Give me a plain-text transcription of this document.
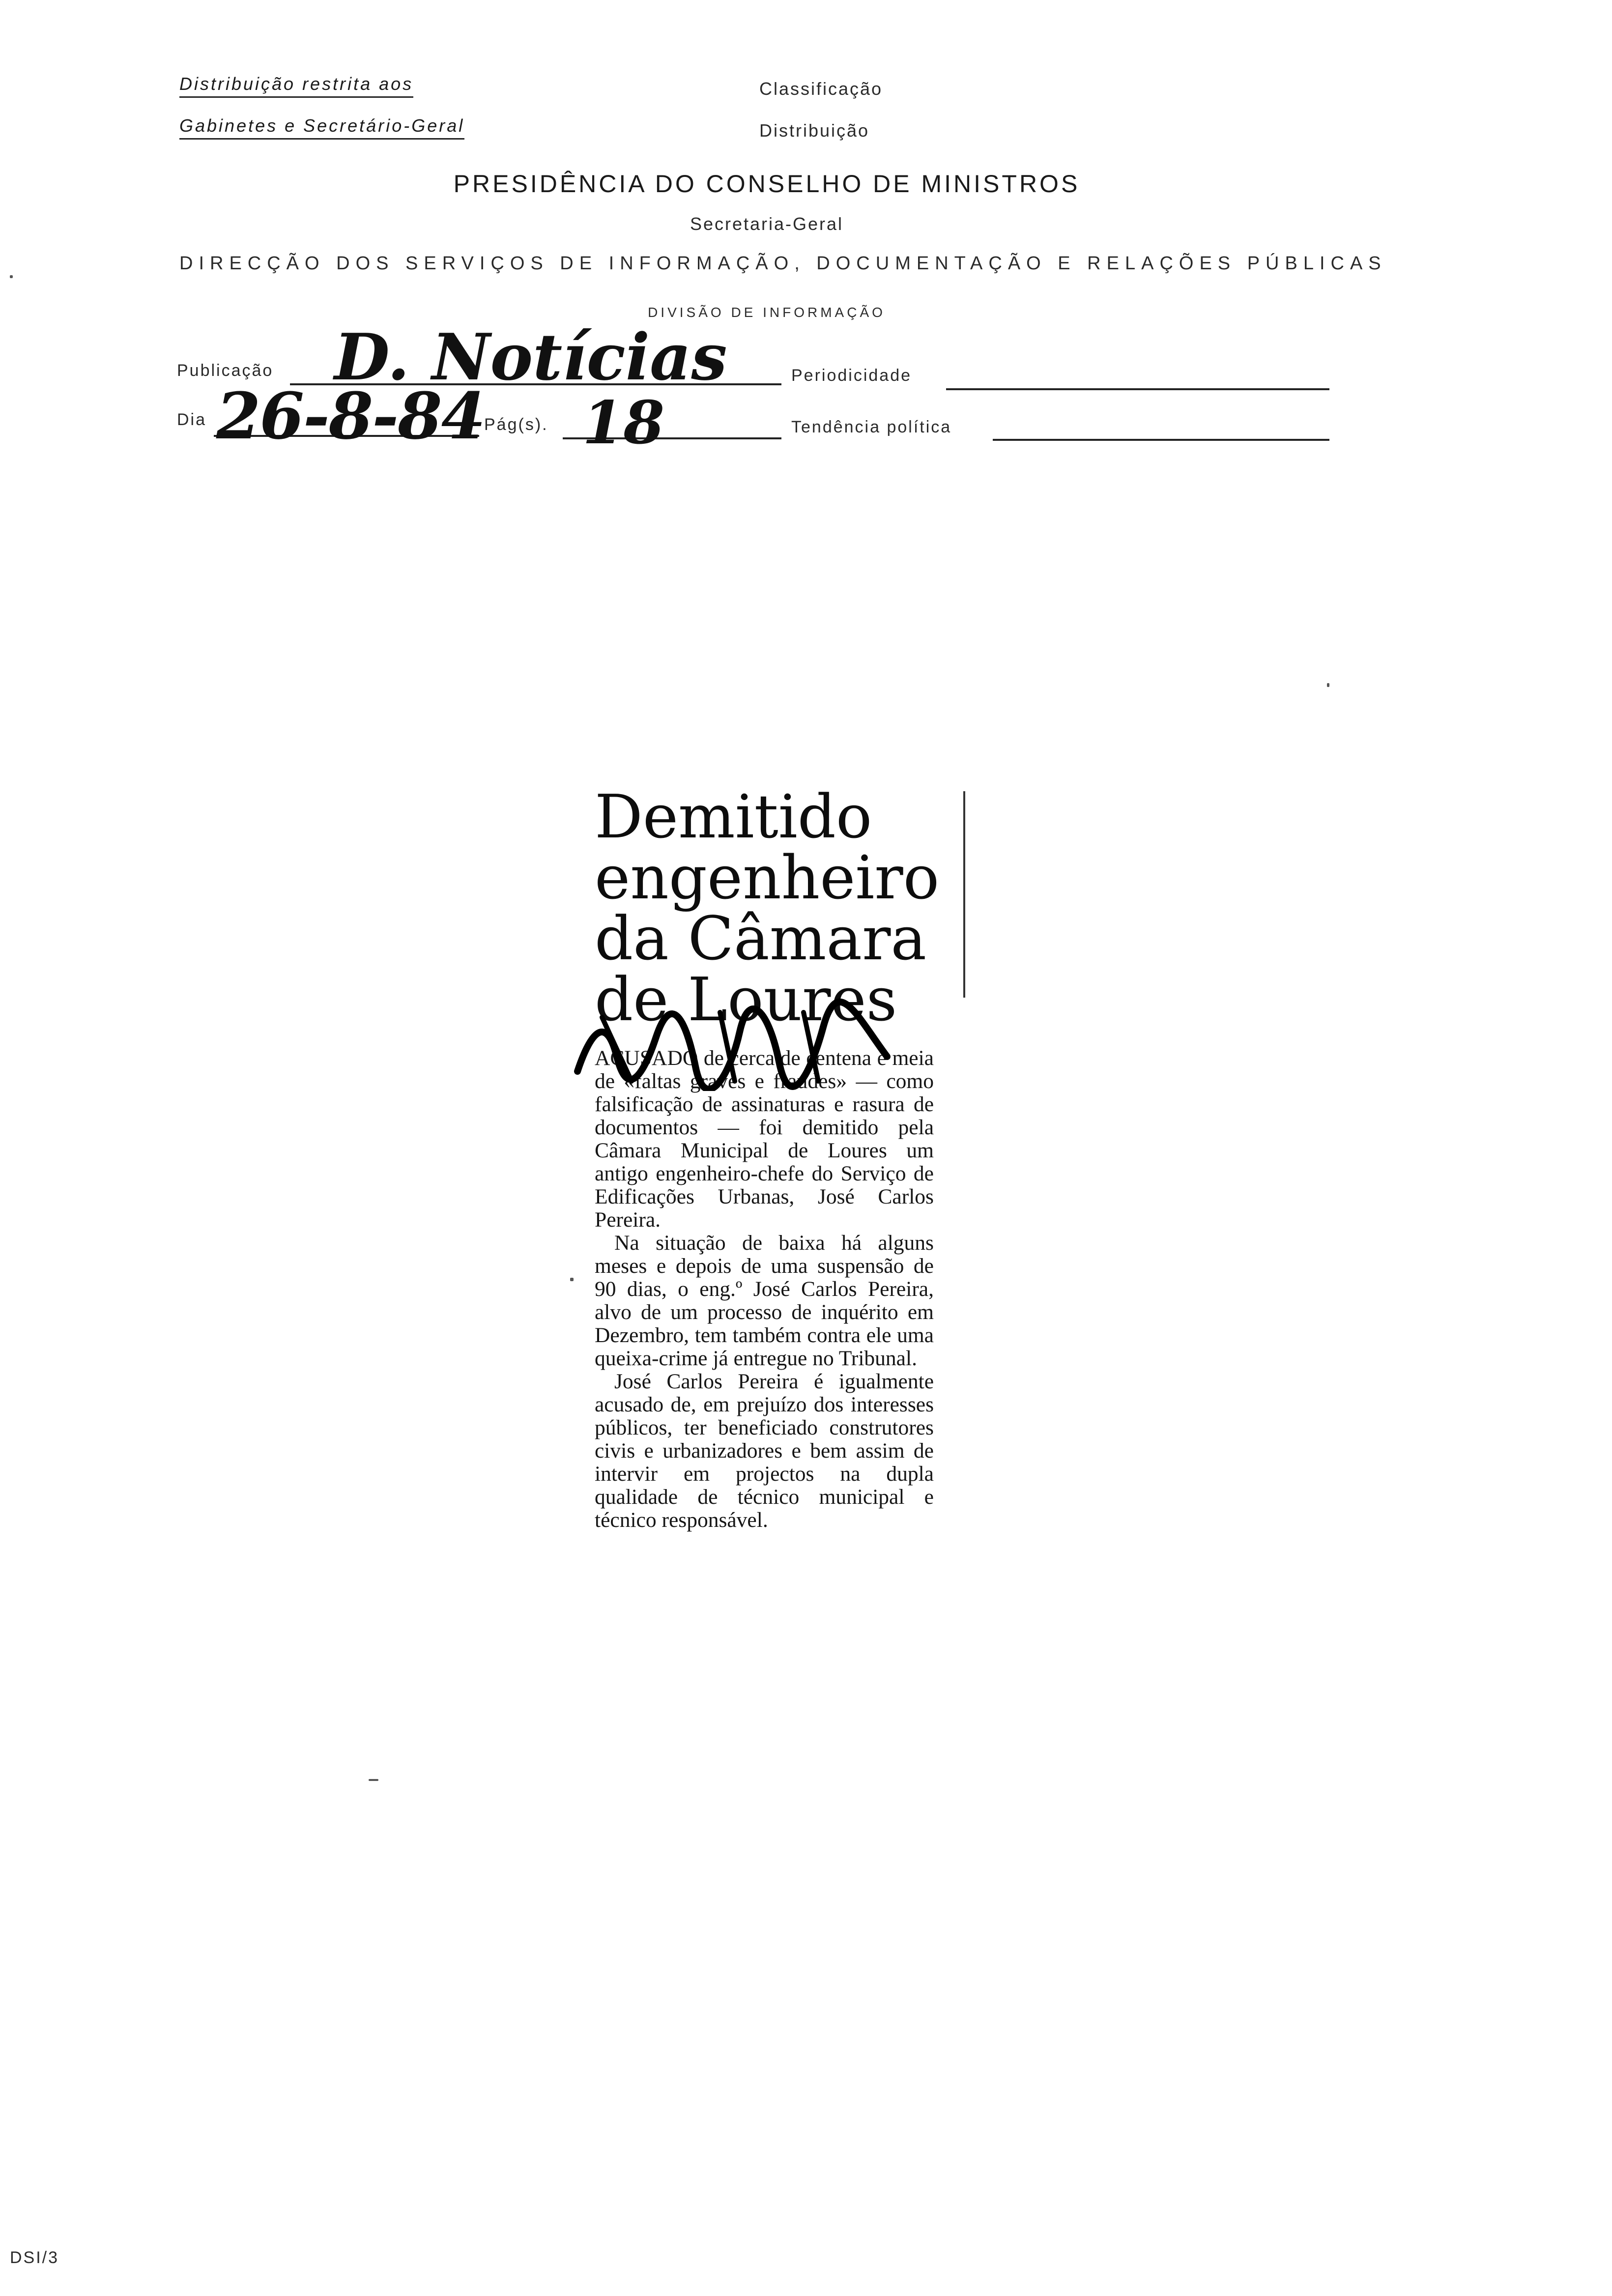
Distribuição restrita aos
Gabinetes e Secretário-Geral
Classificação
Distribuição
PRESIDÊNCIA DO CONSELHO DE MINISTROS
Secretaria-Geral
DIRECÇÃO DOS SERVIÇOS DE INFORMAÇÃO, DOCUMENTAÇÃO E RELAÇÕES PÚBLICAS
DIVISÃO DE INFORMAÇÃO
Publicação D. Notícias	Periodicidade
Dia 26-8-84
Pág(s). 18	Tendência política
Demitido
engenheiro
da Câmara
de Loures

ACUSADO de cerca de centena e meia de «faltas graves e fraudes» — como falsificação de assinaturas e rasura de documentos — foi demitido pela Câmara Municipal de Loures um antigo engenheiro-chefe do Serviço de Edificações Urbanas, José Carlos Pereira.

Na situação de baixa há alguns meses e depois de uma suspensão de 90 dias, o eng.º José Carlos Pereira, alvo de um processo de inquérito em Dezembro, tem também contra ele uma queixa-crime já entregue no Tribunal.

José Carlos Pereira é igualmente acusado de, em prejuízo dos interesses públicos, ter beneficiado construtores civis e urbanizadores e bem assim de intervir em projectos na dupla qualidade de técnico municipal e técnico responsável.

DSI/3
